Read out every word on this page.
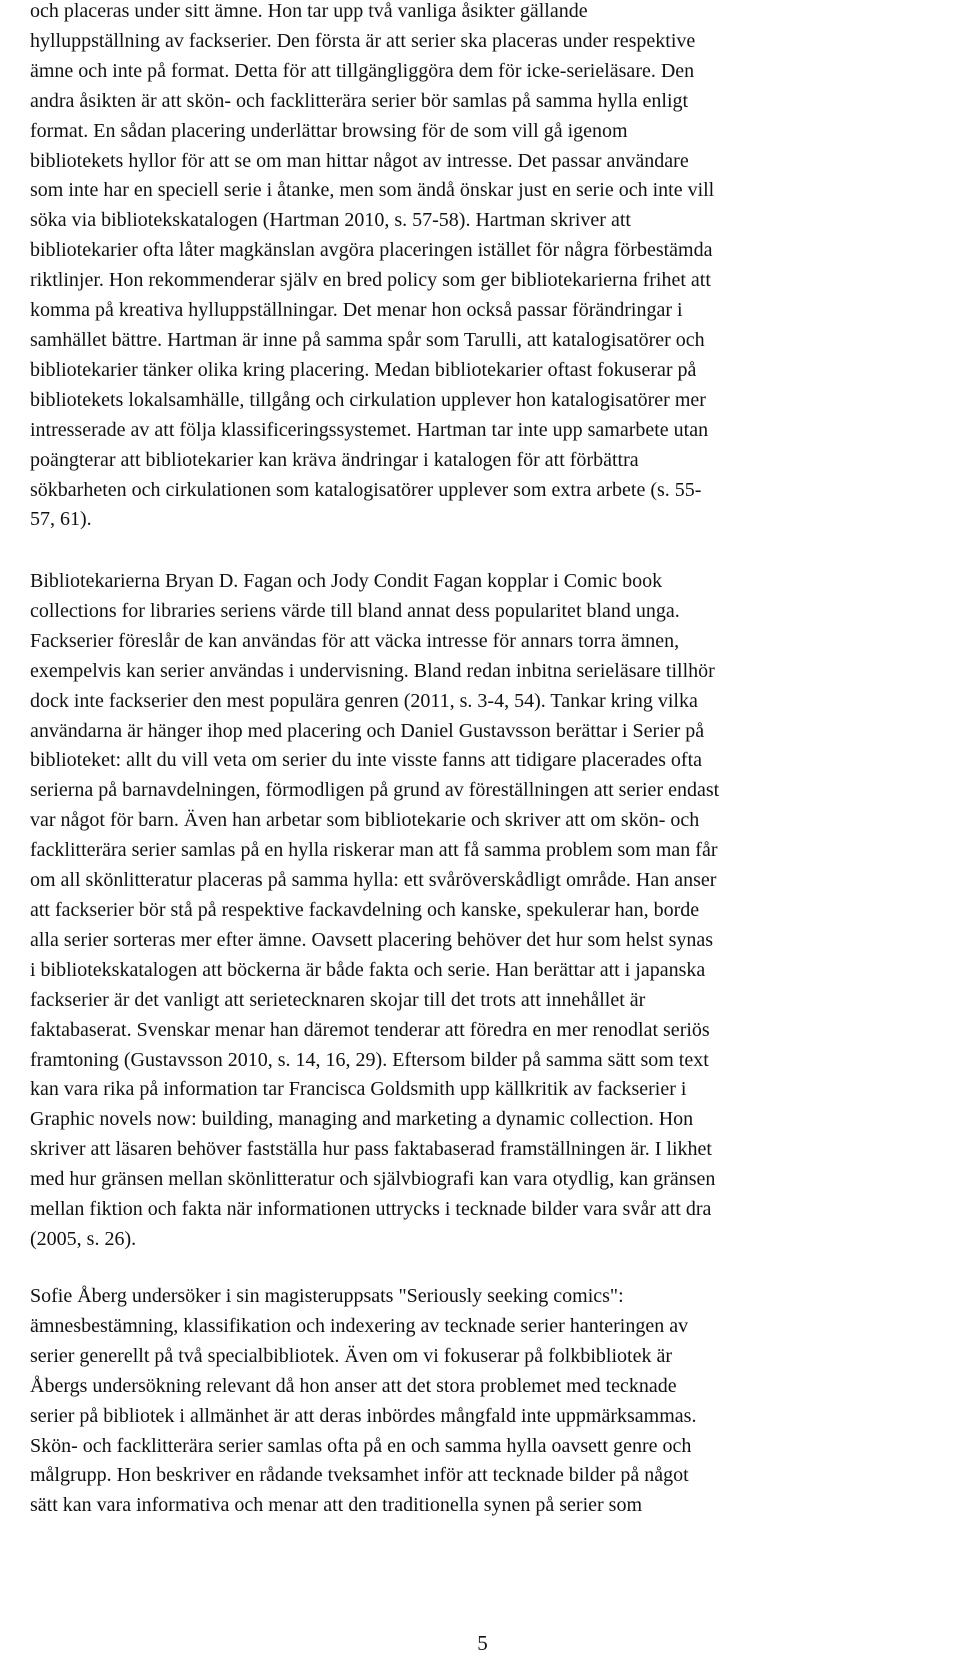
och placeras under sitt ämne. Hon tar upp två vanliga åsikter gällande
hylluppställning av fackserier. Den första är att serier ska placeras under respektive
ämne och inte på format. Detta för att tillgängliggöra dem för icke-serieläsare. Den
andra åsikten är att skön- och facklitterära serier bör samlas på samma hylla enligt
format. En sådan placering underlättar browsing för de som vill gå igenom
bibliotekets hyllor för att se om man hittar något av intresse. Det passar användare
som inte har en speciell serie i åtanke, men som ändå önskar just en serie och inte vill
söka via bibliotekskatalogen (Hartman 2010, s. 57-58). Hartman skriver att
bibliotekarier ofta låter magkänslan avgöra placeringen istället för några förbestämda
riktlinjer. Hon rekommenderar själv en bred policy som ger bibliotekarierna frihet att
komma på kreativa hylluppställningar. Det menar hon också passar förändringar i
samhället bättre. Hartman är inne på samma spår som Tarulli, att katalogisatörer och
bibliotekarier tänker olika kring placering. Medan bibliotekarier oftast fokuserar på
bibliotekets lokalsamhälle, tillgång och cirkulation upplever hon katalogisatörer mer
intresserade av att följa klassificeringssystemet. Hartman tar inte upp samarbete utan
poängterar att bibliotekarier kan kräva ändringar i katalogen för att förbättra
sökbarheten och cirkulationen som katalogisatörer upplever som extra arbete (s. 55-
57, 61).
Bibliotekarierna Bryan D. Fagan och Jody Condit Fagan kopplar i Comic book
collections for libraries seriens värde till bland annat dess popularitet bland unga.
Fackserier föreslår de kan användas för att väcka intresse för annars torra ämnen,
exempelvis kan serier användas i undervisning. Bland redan inbitna serieläsare tillhör
dock inte fackserier den mest populära genren (2011, s. 3-4, 54). Tankar kring vilka
användarna är hänger ihop med placering och Daniel Gustavsson berättar i Serier på
biblioteket: allt du vill veta om serier du inte visste fanns att tidigare placerades ofta
serierna på barnavdelningen, förmodligen på grund av föreställningen att serier endast
var något för barn. Även han arbetar som bibliotekarie och skriver att om skön- och
facklitterära serier samlas på en hylla riskerar man att få samma problem som man får
om all skönlitteratur placeras på samma hylla: ett svåröverskådligt område. Han anser
att fackserier bör stå på respektive fackavdelning och kanske, spekulerar han, borde
alla serier sorteras mer efter ämne. Oavsett placering behöver det hur som helst synas
i bibliotekskatalogen att böckerna är både fakta och serie. Han berättar att i japanska
fackserier är det vanligt att serietecknaren skojar till det trots att innehållet är
faktabaserat. Svenskar menar han däremot tenderar att föredra en mer renodlat seriös
framtoning (Gustavsson 2010, s. 14, 16, 29). Eftersom bilder på samma sätt som text
kan vara rika på information tar Francisca Goldsmith upp källkritik av fackserier i
Graphic novels now: building, managing and marketing a dynamic collection. Hon
skriver att läsaren behöver fastställa hur pass faktabaserad framställningen är. I likhet
med hur gränsen mellan skönlitteratur och självbiografi kan vara otydlig, kan gränsen
mellan fiktion och fakta när informationen uttrycks i tecknade bilder vara svår att dra
(2005, s. 26).
Sofie Åberg undersöker i sin magisteruppsats "Seriously seeking comics":
ämnesbestämning, klassifikation och indexering av tecknade serier hanteringen av
serier generellt på två specialbibliotek. Även om vi fokuserar på folkbibliotek är
Åbergs undersökning relevant då hon anser att det stora problemet med tecknade
serier på bibliotek i allmänhet är att deras inbördes mångfald inte uppmärksammas.
Skön- och facklitterära serier samlas ofta på en och samma hylla oavsett genre och
målgrupp. Hon beskriver en rådande tveksamhet inför att tecknade bilder på något
sätt kan vara informativa och menar att den traditionella synen på serier som
5
